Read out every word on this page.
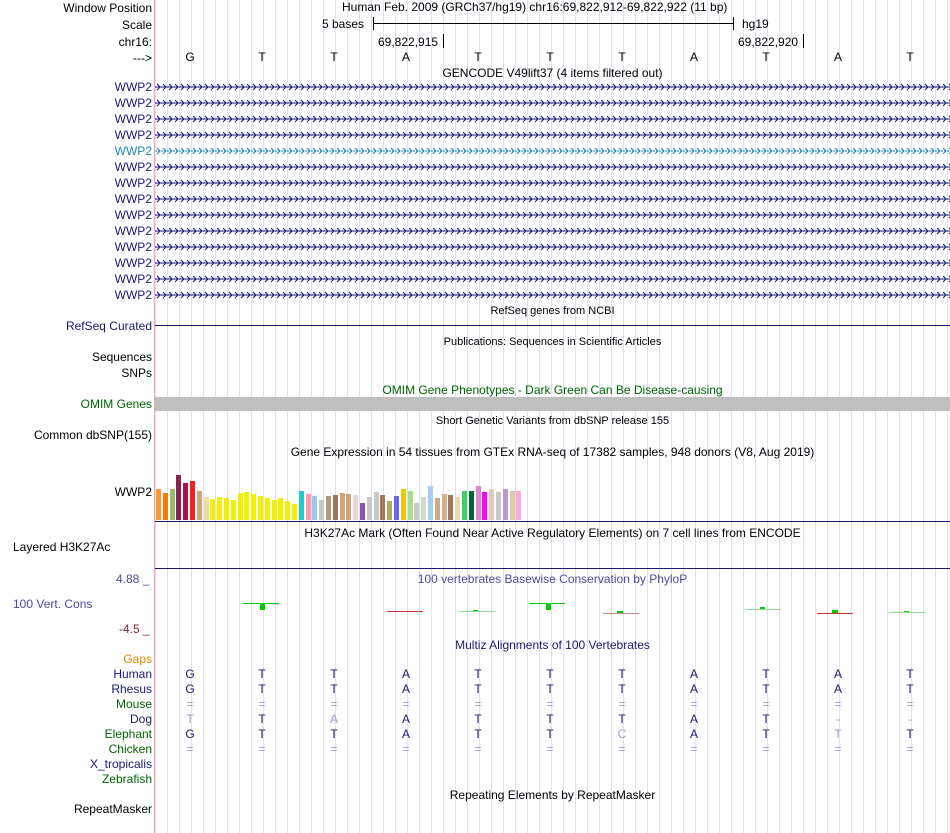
Window Position
Scale
chr16:
--->
WWP2
WWP2
WWP2
WWP2
WWP2
WWP2
WWP2
WWP2
WWP2
WWP2
WWP2
WWP2
WWP2
WWP2
RefSeq Curated
Sequences
SNPs
OMIM Genes
Common dbSNP(155)
WWP2
Layered H3K27Ac
4.88 _
100 Vert. Cons
-4.5 _
Gaps
Human
Rhesus
Mouse
Dog
Elephant
Chicken
X_tropicalis
Zebrafish
RepeatMasker
Human Feb. 2009 (GRCh37/hg19) chr16:69,822,912-69,822,922 (11 bp)
5 bases	hg19
69,822,915	69,822,920
G	T	T	A	T	T	T	A	T	A	T
GENCODE V49lift37 (4 items filtered out)
RefSeq genes from NCBI
Publications: Sequences in Scientific Articles
OMIM Gene Phenotypes - Dark Green Can Be Disease-causing
Short Genetic Variants from dbSNP release 155
Gene Expression in 54 tissues from GTEx RNA-seq of 17382 samples, 948 donors (V8, Aug 2019)
H3K27Ac Mark (Often Found Near Active Regulatory Elements) on 7 cell lines from ENCODE
100 vertebrates Basewise Conservation by PhyloP
Multiz Alignments of 100 Vertebrates
G	T	T	A	T	T	T	A	T	A	T
G	T	T	A	T	T	T	A	T	A	T
=	=	=	=	=	=	=	=	=	=	=
T	T	A	A	T	T	T	A	T	-	-
G	T	T	A	T	T	C	A	T	T	T
=	=	=	=	=	=	=	=	=	=	=
Repeating Elements by RepeatMasker
